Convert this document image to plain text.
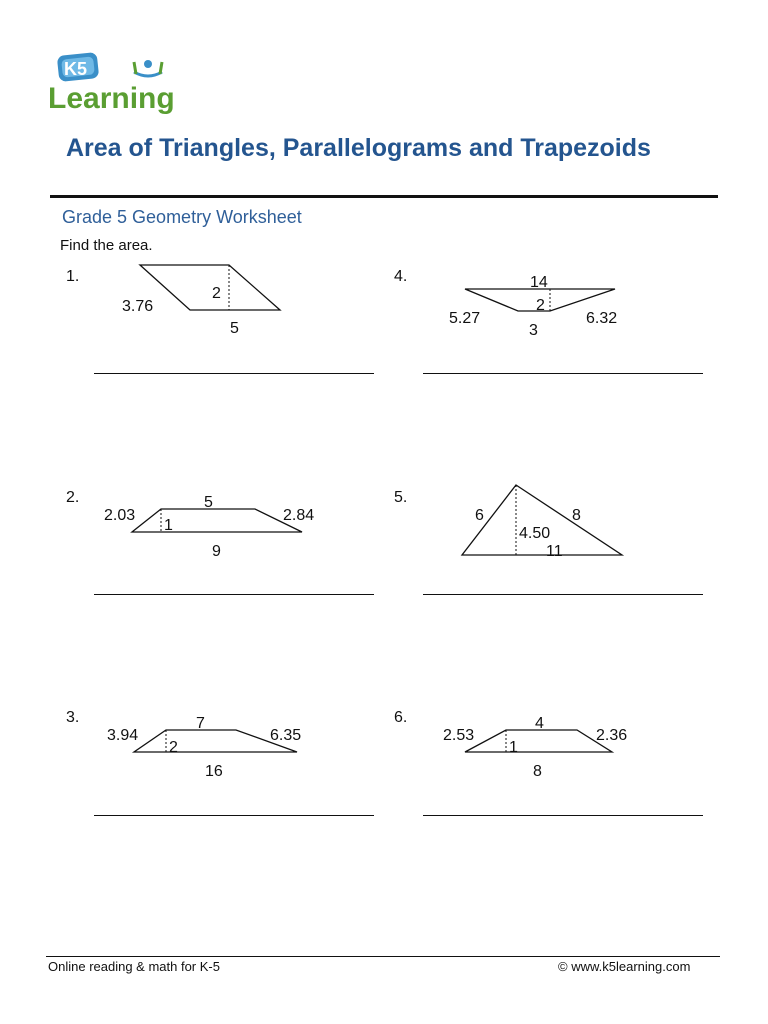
K5
Learning
Area of Triangles, Parallelograms and Trapezoids
Grade 5 Geometry Worksheet
Find the area.
1.
3.76
2
5
4.	14
2
5.27	6.32
3
2.	5
2.03	2.84
1
9
5.
6	8
4.50
11
3.	7
3.94	6.35
2
16
6.	4
2.53	2.36
1
8
Online reading & math for K-5	© www.k5learning.com
